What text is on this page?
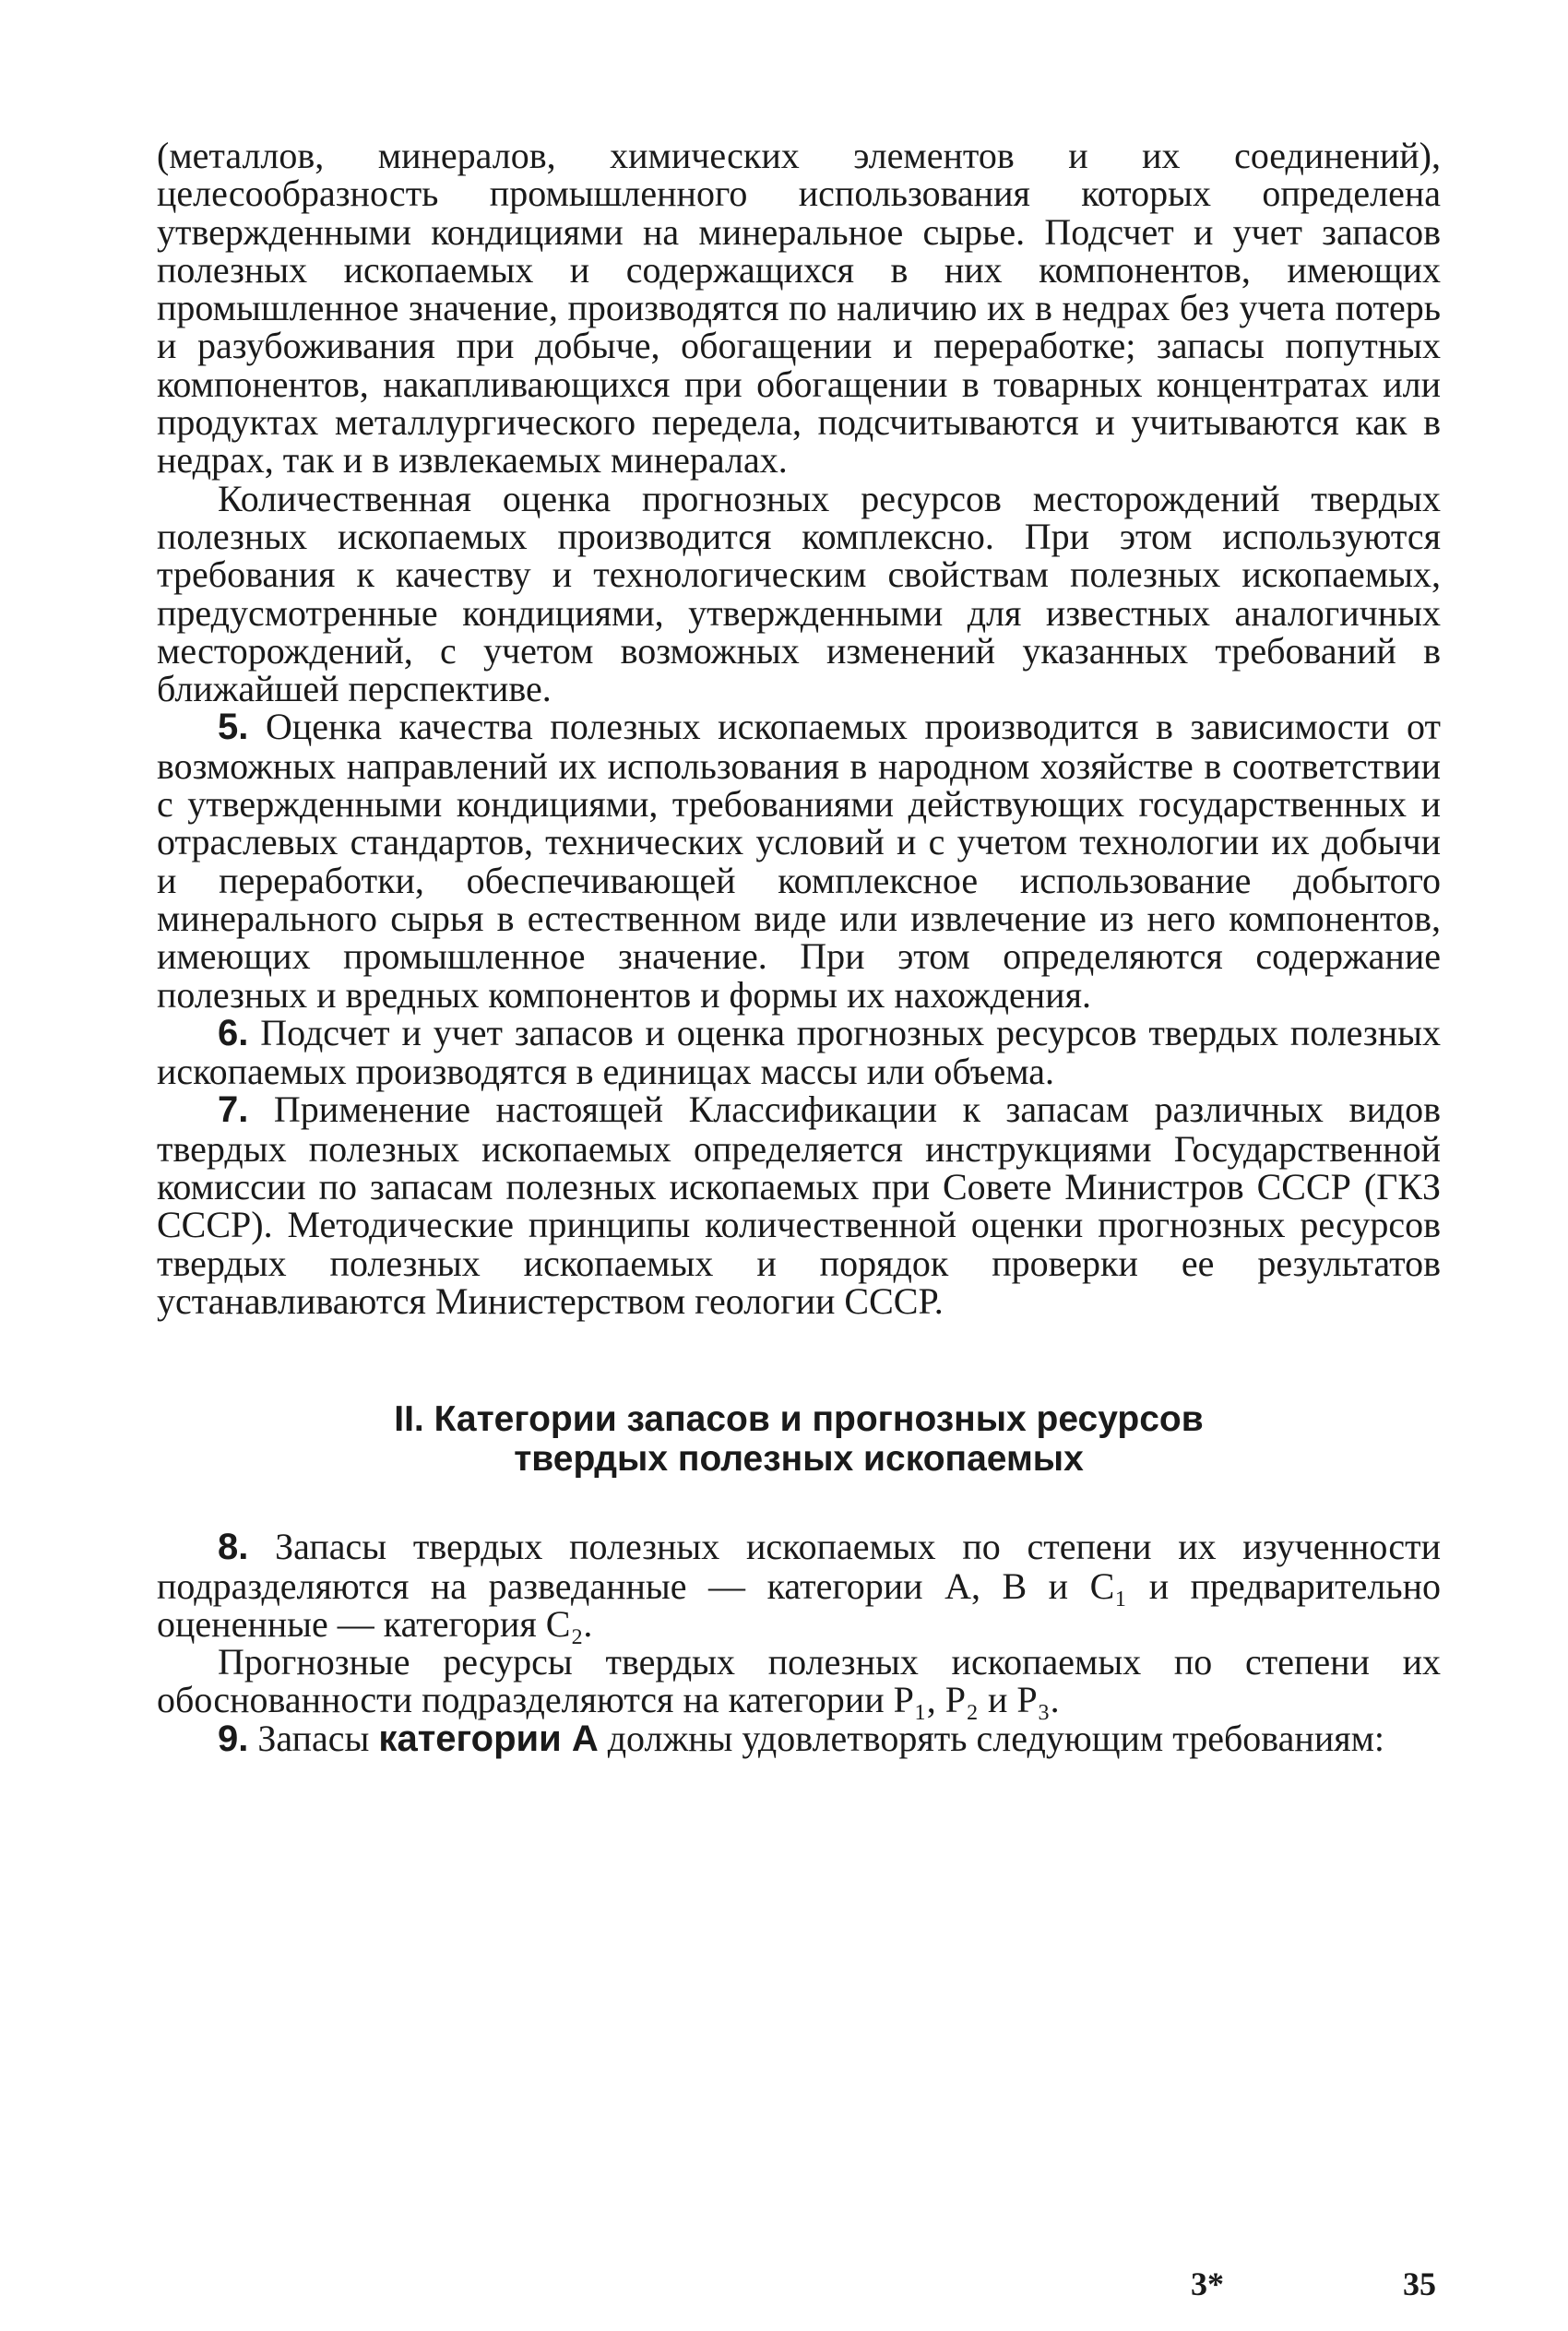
(металлов, минералов, химических элементов и их соединений), целесообразность промышленного использования которых определена утвержденными кондициями на минеральное сырье. Подсчет и учет запасов полезных ископаемых и содержащихся в них компонентов, имеющих промышленное значение, производятся по наличию их в недрах без учета потерь и разубоживания при добыче, обогащении и переработке; запасы попутных компонентов, накапливающихся при обогащении в товарных концентратах или продуктах металлургического передела, подсчитываются и учитываются как в недрах, так и в извлекаемых минералах.

Количественная оценка прогнозных ресурсов месторождений твердых полезных ископаемых производится комплексно. При этом используются требования к качеству и технологическим свойствам полезных ископаемых, предусмотренные кондициями, утвержденными для известных аналогичных месторождений, с учетом возможных изменений указанных требований в ближайшей перспективе.

5. Оценка качества полезных ископаемых производится в зависимости от возможных направлений их использования в народном хозяйстве в соответствии с утвержденными кондициями, требованиями действующих государственных и отраслевых стандартов, технических условий и с учетом технологии их добычи и переработки, обеспечивающей комплексное использование добытого минерального сырья в естественном виде или извлечение из него компонентов, имеющих промышленное значение. При этом определяются содержание полезных и вредных компонентов и формы их нахождения.

6. Подсчет и учет запасов и оценка прогнозных ресурсов твердых полезных ископаемых производятся в единицах массы или объема.

7. Применение настоящей Классификации к запасам различных видов твердых полезных ископаемых определяется инструкциями Государственной комиссии по запасам полезных ископаемых при Совете Министров СССР (ГКЗ СССР). Методические принципы количественной оценки прогнозных ресурсов твердых полезных ископаемых и порядок проверки ее результатов устанавливаются Министерством геологии СССР.

II. Категории запасов и прогнозных ресурсов
твердых полезных ископаемых

8. Запасы твердых полезных ископаемых по степени их изученности подразделяются на разведанные — категории А, В и C₁ и предварительно оцененные — категория C₂.

Прогнозные ресурсы твердых полезных ископаемых по степени их обоснованности подразделяются на категории P₁, P₂ и P₃.

9. Запасы категории А должны удовлетворять следующим требованиям:

3*	35
